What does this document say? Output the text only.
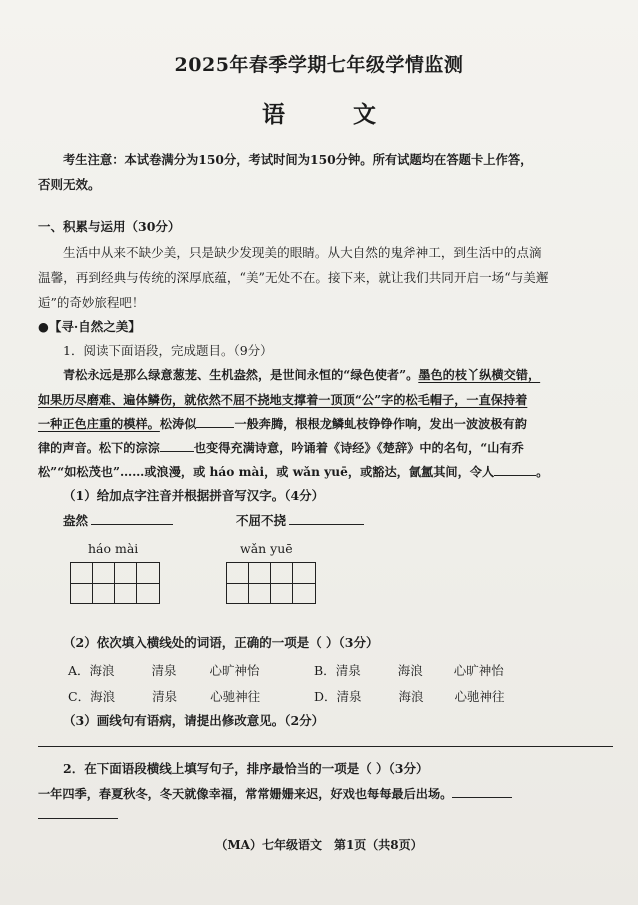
2025年春季学期七年级学情监测
语 文
考生注意：本试卷满分为150分，考试时间为150分钟。所有试题均在答题卡上作答，
否则无效。
一、积累与运用（30分）
生活中从来不缺少美，只是缺少发现美的眼睛。从大自然的鬼斧神工，到生活中的点滴
温馨，再到经典与传统的深厚底蕴，“美”无处不在。接下来，就让我们共同开启一场“与美邂
逅”的奇妙旅程吧！
●【寻·自然之美】
1．阅读下面语段，完成题目。（9分）
青松永远是那么绿意葱茏、生机盎然，是世间永恒的“绿色使者”。墨色的枝丫纵横交错，
如果历尽磨难、遍体鳞伤，就依然不屈不挠地支撑着一顶顶“公”字的松毛帽子，一直保持着
一种正色庄重的模样。松涛似	一般奔腾，根根龙鳞虬枝铮铮作响，发出一波波极有韵
律的声音。松下的淙淙	也变得充满诗意，吟诵着《诗经》《楚辞》中的名句，“山有乔
松”“如松茂也”……或浪漫，或 háo mài，或 wǎn yuē，或豁达，氤氲其间，令人	。
（1）给加点字注音并根据拼音写汉字。（4分）
盎然	不屈不挠
háo mài	wǎn yuē
（2）依次填入横线处的词语，正确的一项是（ ）（3分）
A．海浪	清泉	心旷神怡	B．清泉	海浪 心旷神怡
C．海浪	清泉	心驰神往	D．清泉	海浪 心驰神往
（3）画线句有语病，请提出修改意见。（2分）
2．在下面语段横线上填写句子，排序最恰当的一项是（ ）（3分）
一年四季，春夏秋冬，冬天就像幸福，常常姗姗来迟，好戏也每每最后出场。
（MA）七年级语文　第1页（共8页）
